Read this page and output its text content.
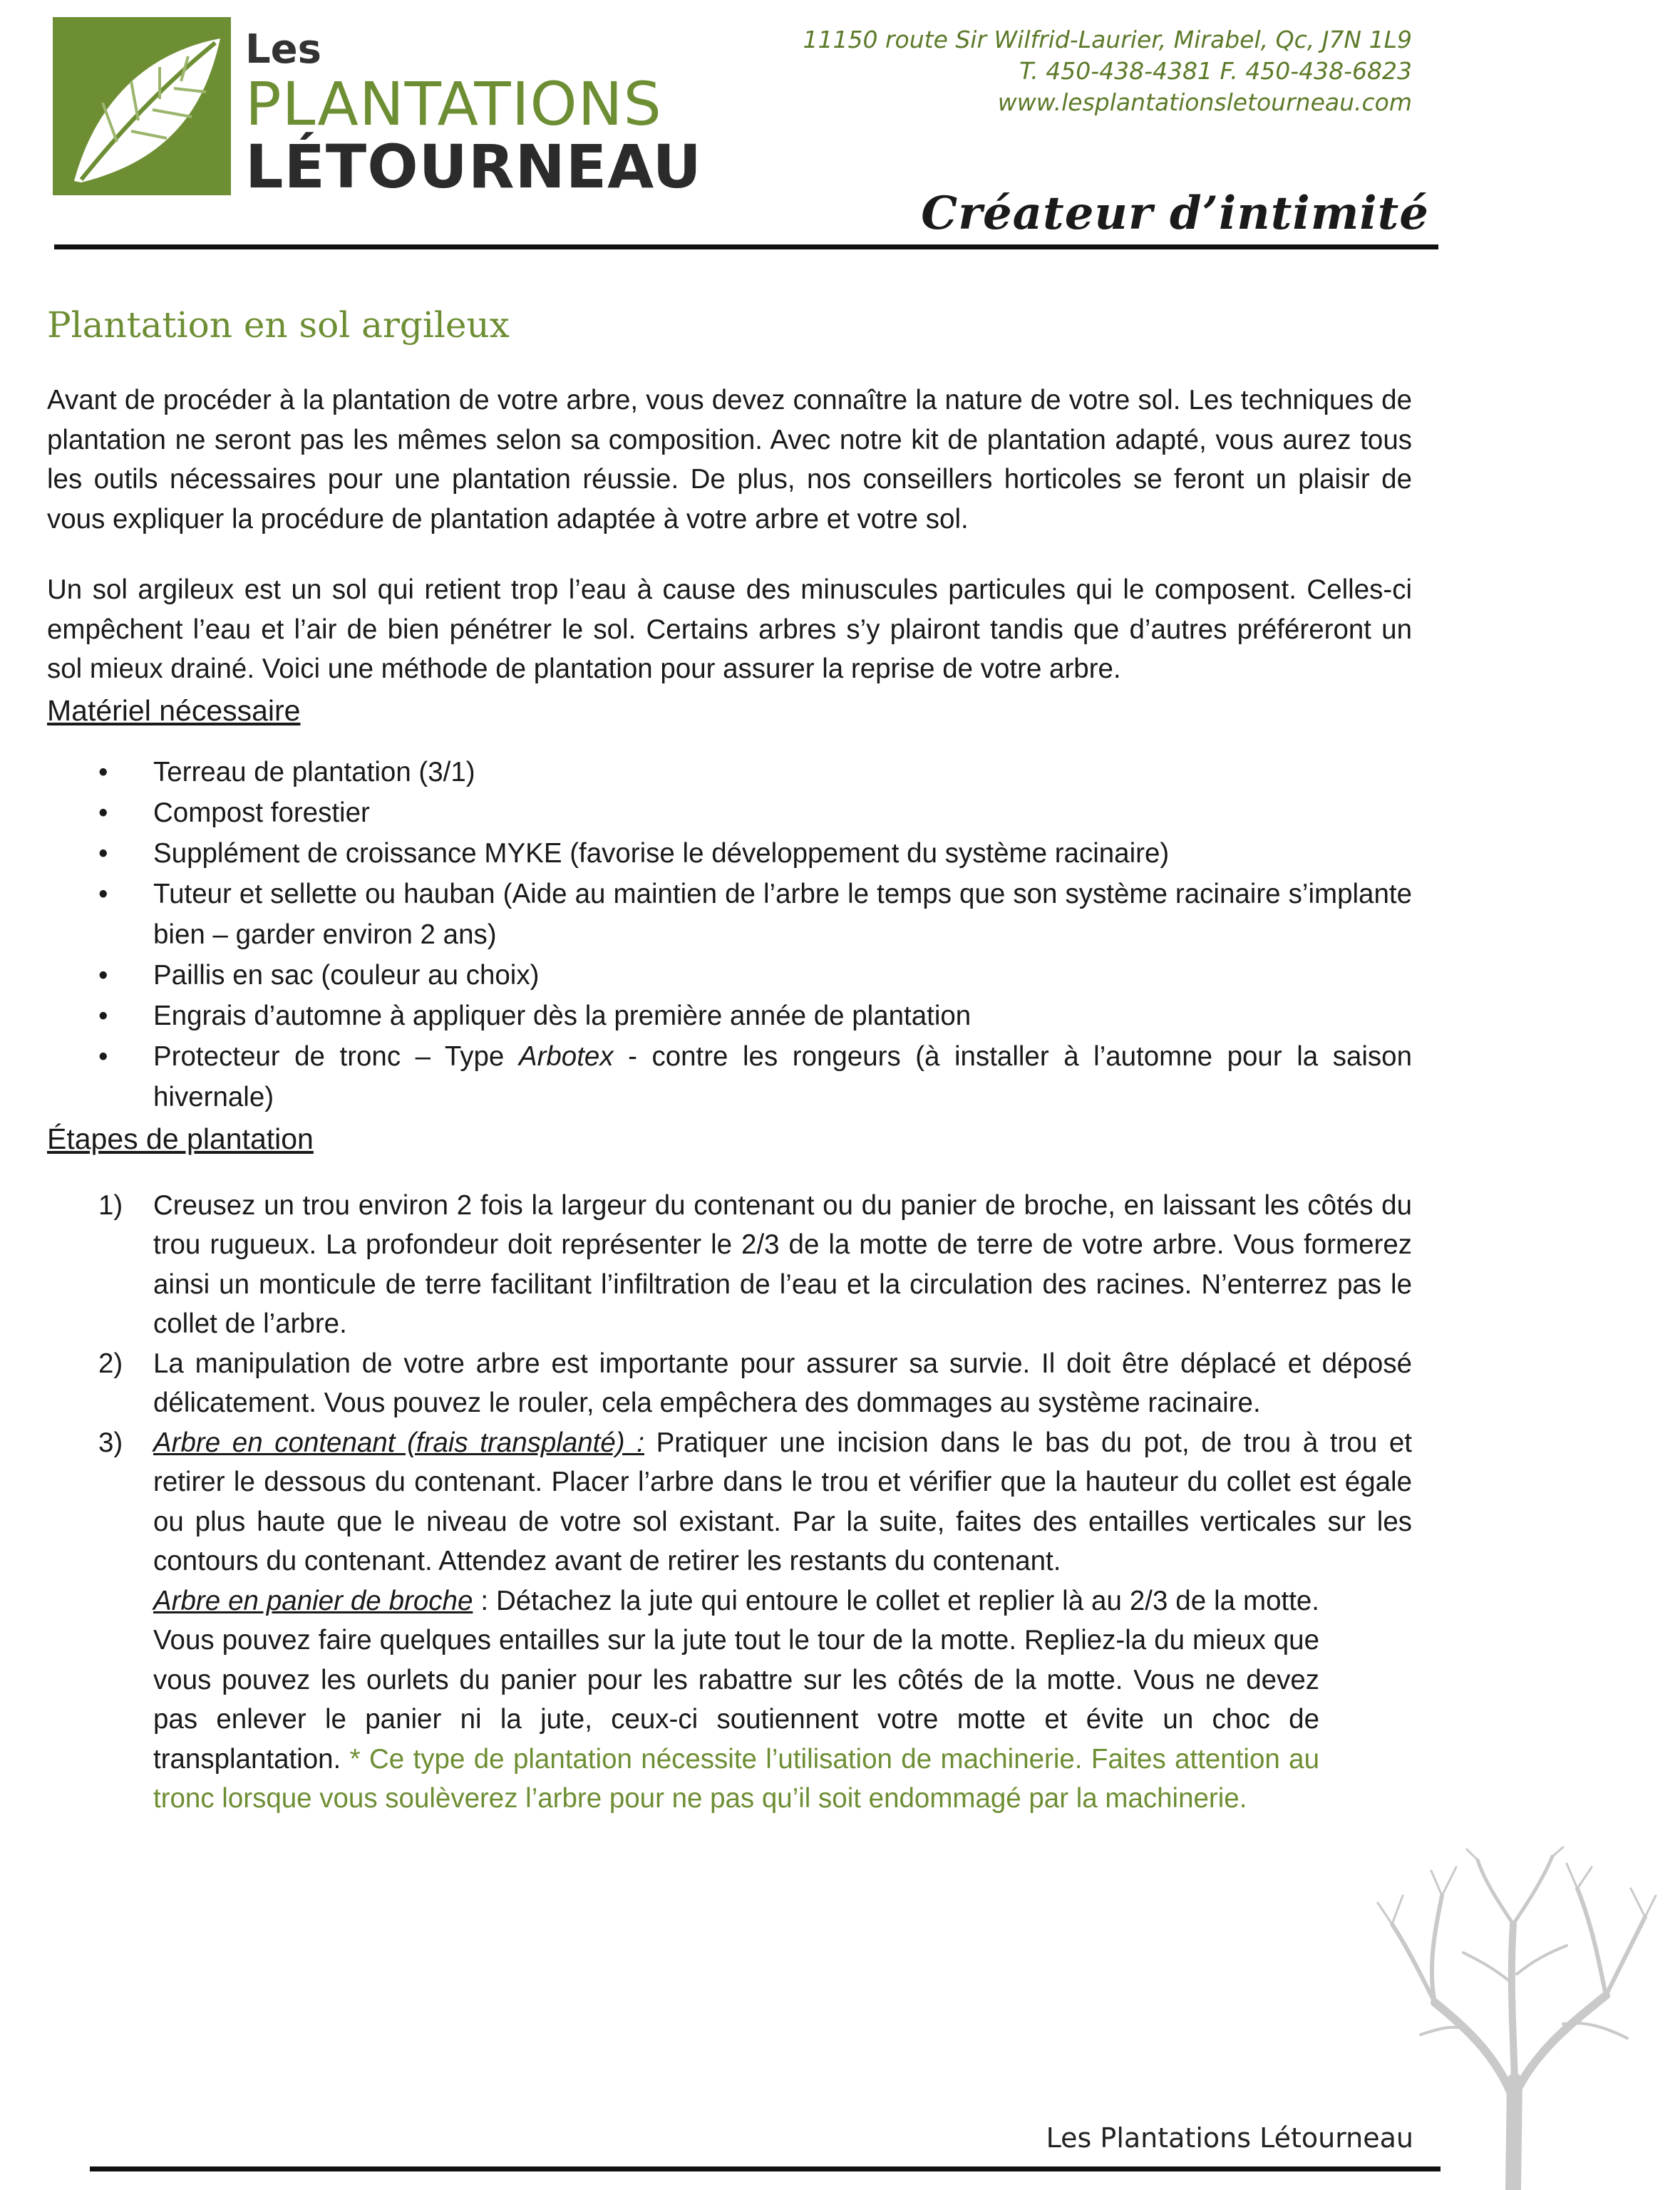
Les
PLANTATIONS
LÉTOURNEAU
11150 route Sir Wilfrid-Laurier, Mirabel, Qc, J7N 1L9
T. 450-438-4381 F. 450-438-6823
www.lesplantationsletourneau.com
Créateur d’intimité
Plantation en sol argileux

Avant de procéder à la plantation de votre arbre, vous devez connaître la nature de votre sol. Les techniques de plantation ne seront pas les mêmes selon sa composition. Avec notre kit de plantation adapté, vous aurez tous les outils nécessaires pour une plantation réussie. De plus, nos conseillers horticoles se feront un plaisir de vous expliquer la procédure de plantation adaptée à votre arbre et votre sol.

Un sol argileux est un sol qui retient trop l’eau à cause des minuscules particules qui le composent. Celles-ci empêchent l’eau et l’air de bien pénétrer le sol. Certains arbres s’y plairont tandis que d’autres préféreront un sol mieux drainé. Voici une méthode de plantation pour assurer la reprise de votre arbre.

Matériel nécessaire
• Terreau de plantation (3/1)
• Compost forestier
• Supplément de croissance MYKE (favorise le développement du système racinaire)
• Tuteur et sellette ou hauban (Aide au maintien de l’arbre le temps que son système racinaire s’implante bien – garder environ 2 ans)
• Paillis en sac (couleur au choix)
• Engrais d’automne à appliquer dès la première année de plantation
• Protecteur de tronc – Type Arbotex - contre les rongeurs (à installer à l’automne pour la saison hivernale)
Étapes de plantation
1) Creusez un trou environ 2 fois la largeur du contenant ou du panier de broche, en laissant les côtés du trou rugueux. La profondeur doit représenter le 2/3 de la motte de terre de votre arbre. Vous formerez ainsi un monticule de terre facilitant l’infiltration de l’eau et la circulation des racines. N’enterrez pas le collet de l’arbre.
2) La manipulation de votre arbre est importante pour assurer sa survie. Il doit être déplacé et déposé délicatement. Vous pouvez le rouler, cela empêchera des dommages au système racinaire.
3) Arbre en contenant (frais transplanté) : Pratiquer une incision dans le bas du pot, de trou à trou et retirer le dessous du contenant. Placer l’arbre dans le trou et vérifier que la hauteur du collet est égale ou plus haute que le niveau de votre sol existant. Par la suite, faites des entailles verticales sur les contours du contenant. Attendez avant de retirer les restants du contenant.
Arbre en panier de broche : Détachez la jute qui entoure le collet et replier là au 2/3 de la motte. Vous pouvez faire quelques entailles sur la jute tout le tour de la motte. Repliez-la du mieux que vous pouvez les ourlets du panier pour les rabattre sur les côtés de la motte. Vous ne devez pas enlever le panier ni la jute, ceux-ci soutiennent votre motte et évite un choc de transplantation. * Ce type de plantation nécessite l’utilisation de machinerie. Faites attention au tronc lorsque vous soulèverez l’arbre pour ne pas qu’il soit endommagé par la machinerie.
Les Plantations Létourneau
